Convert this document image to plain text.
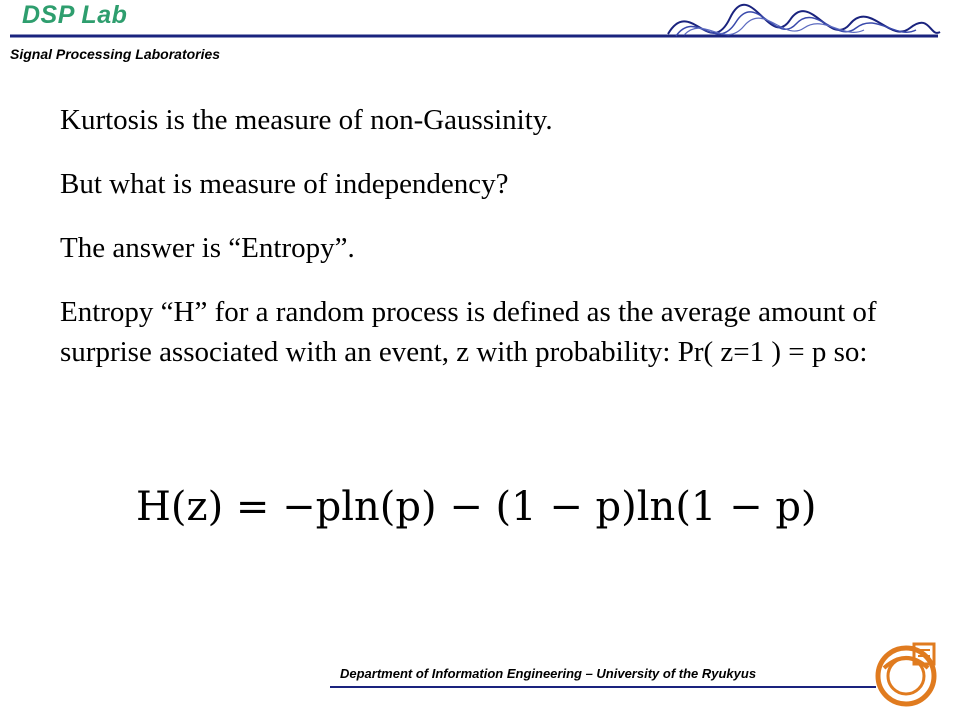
DSP Lab
Signal Processing Laboratories

Kurtosis is the measure of non-Gaussinity.

But what is measure of independency?

The answer is “Entropy”.

Entropy “H” for a random process is defined as the average amount of surprise associated with an event, z with probability: Pr( z=1 ) = p so:

H(z) = −pln(p) − (1 − p)ln(1 − p)
Department of Information Engineering – University of the Ryukyus
